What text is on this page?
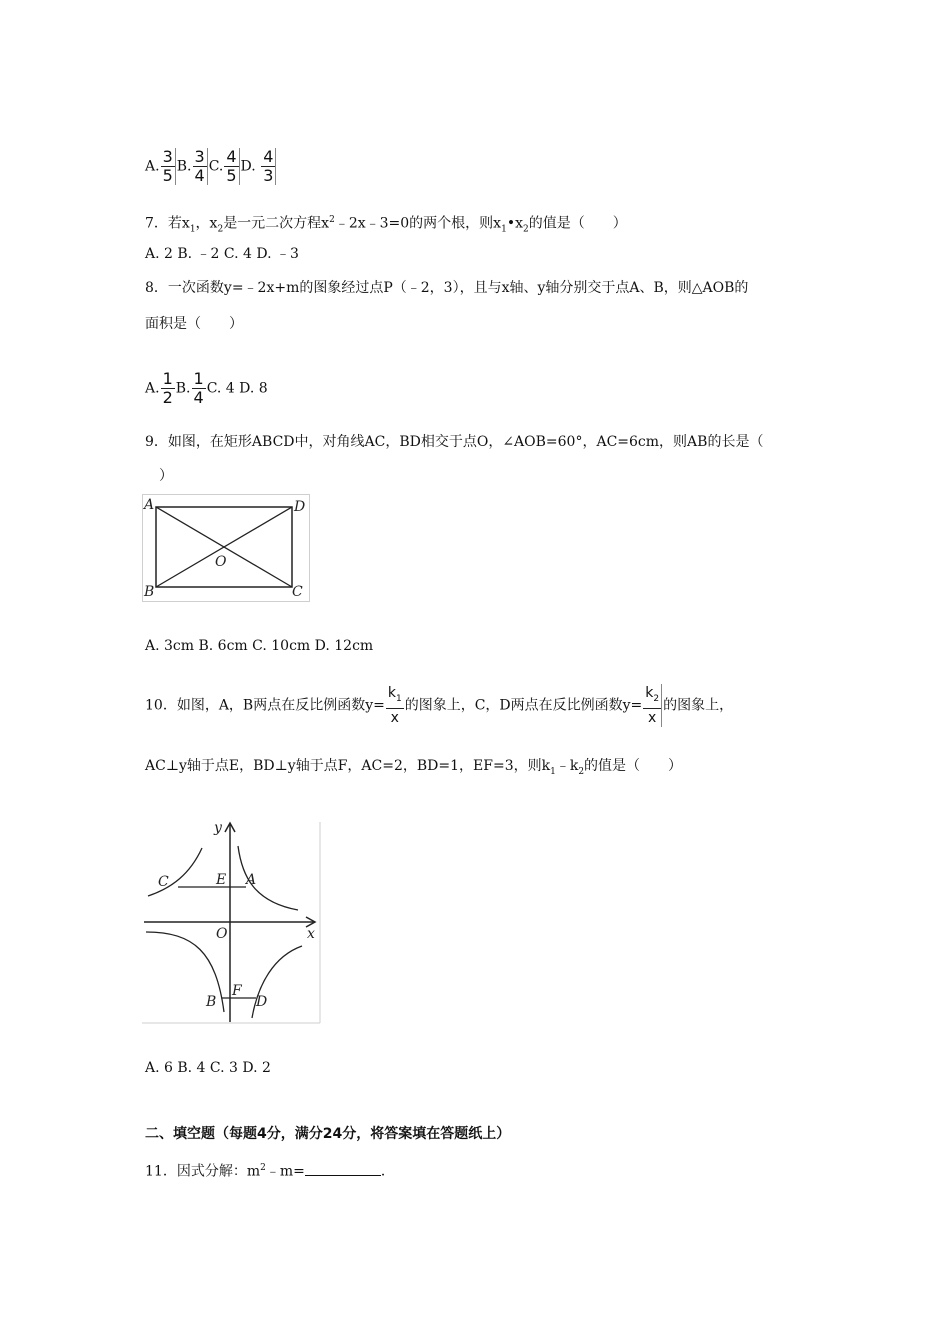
A. $\frac{3}{5} B$. $\frac{3}{4} C$. $\frac{4}{5} D$. $\frac{4}{3}$
7．若$x_1$，$x_2$是一元二次方程$x^2﹣2x﹣3=0$的两个根，则$x_1•x_2$的值是（　　）
A. 2 B. ﹣2 C. 4 D. ﹣3
8．一次函数y=﹣2x+m的图象经过点P（﹣2，3），且与x轴、y轴分别交于点A、B，则△AOB的
面积是（　　）
A. $\frac{1}{2} B$. $\frac{1}{4} C$. 4 D. 8
9．如图，在矩形ABCD中，对角线AC，BD相交于点O，∠AOB=60°，AC=6cm，则AB的长是（
　）
A	D
B	C
O
A. 3cm B. 6cm C. 10cm D. 12cm
10．如图，A，B两点在反比例函数$y= \frac{k_1}{x}$ 的图象上，C，D两点在反比例函数$y= \frac{k_2}{x}$ 的图象上，
AC⊥y轴于点E，BD⊥y轴于点F，AC=2，BD=1，EF=3，则$k_1﹣k_2$的值是（　　）
y
x
C	E A
O
F
B	D
A. 6 B. 4 C. 3 D. 2
二、填空题（每题4分，满分24分，将答案填在答题纸上）
11．因式分解：$m^2﹣m=$	．
